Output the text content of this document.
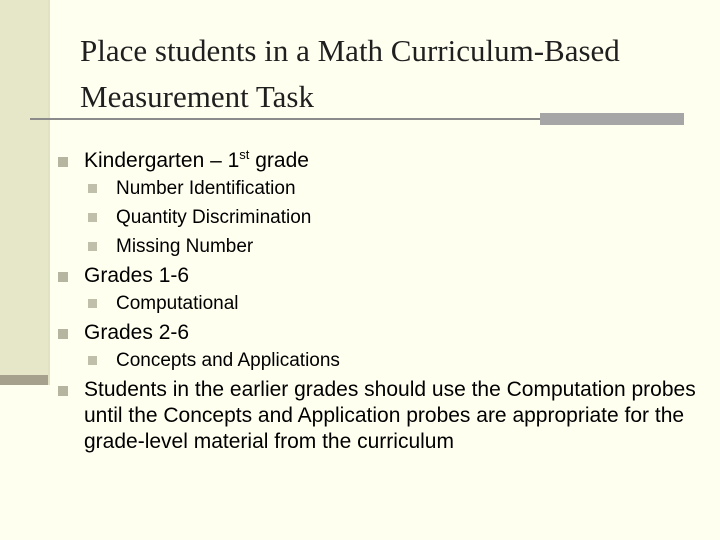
Place students in a Math Curriculum-Based Measurement Task
Kindergarten – 1st grade
Number Identification
Quantity Discrimination
Missing Number
Grades 1-6
Computational
Grades 2-6
Concepts and Applications
Students in the earlier grades should use the Computation probes until the Concepts and Application probes are appropriate for the grade-level material from the curriculum
